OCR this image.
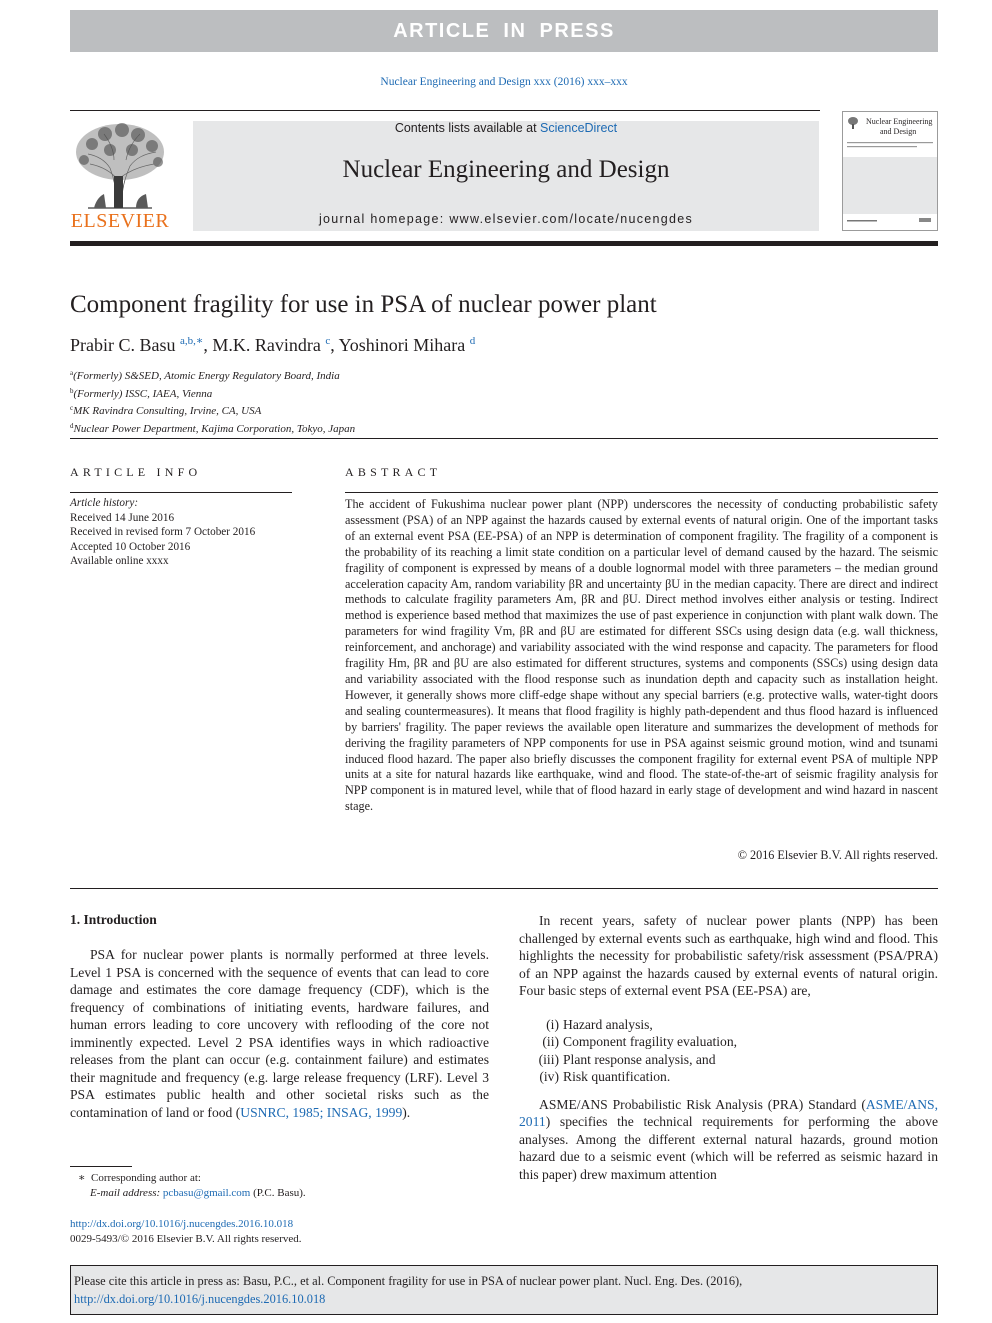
ARTICLE IN PRESS
Nuclear Engineering and Design xxx (2016) xxx–xxx
ELSEVIER
Contents lists available at ScienceDirect
Nuclear Engineering and Design
journal homepage: www.elsevier.com/locate/nucengdes
Nuclear Engineering
and Design
Component fragility for use in PSA of nuclear power plant
Prabir C. Basu $^{a,b,∗}$, M.K. Ravindra $^c$, Yoshinori Mihara $^d$
$^a$(Formerly) S&SED, Atomic Energy Regulatory Board, India
$^b$(Formerly) ISSC, IAEA, Vienna
$^c$MK Ravindra Consulting, Irvine, CA, USA
$^d$Nuclear Power Department, Kajima Corporation, Tokyo, Japan
ARTICLE INFO
Article history:
Received 14 June 2016
Received in revised form 7 October 2016
Accepted 10 October 2016
Available online xxxx
ABSTRACT
The accident of Fukushima nuclear power plant (NPP) underscores the necessity of conducting probabilistic safety assessment (PSA) of an NPP against the hazards caused by external events of natural origin. One of the important tasks of an external event PSA (EE-PSA) of an NPP is determination of component fragility. The fragility of a component is the probability of its reaching a limit state condition on a particular level of demand caused by the hazard. The seismic fragility of component is expressed by means of a double lognormal model with three parameters – the median ground acceleration capacity Am, random variability βR and uncertainty βU in the median capacity. There are direct and indirect methods to calculate fragility parameters Am, βR and βU. Direct method involves either analysis or testing. Indirect method is experience based method that maximizes the use of past experience in conjunction with plant walk down. The parameters for wind fragility Vm, βR and βU are estimated for different SSCs using design data (e.g. wall thickness, reinforcement, and anchorage) and variability associated with the wind response and capacity. The parameters for flood fragility Hm, βR and βU are also estimated for different structures, systems and components (SSCs) using design data and variability associated with the flood response such as inundation depth and capacity such as installation height. However, it generally shows more cliff-edge shape without any special barriers (e.g. protective walls, water-tight doors and sealing countermeasures). It means that flood fragility is highly path-dependent and thus flood hazard is influenced by barriers' fragility. The paper reviews the available open literature and summarizes the development of methods for deriving the fragility parameters of NPP components for use in PSA against seismic ground motion, wind and tsunami induced flood hazard. The paper also briefly discusses the component fragility for external event PSA of multiple NPP units at a site for natural hazards like earthquake, wind and flood. The state-of-the-art of seismic fragility analysis for NPP component is in matured level, while that of flood hazard in early stage of development and wind hazard in nascent stage.
© 2016 Elsevier B.V. All rights reserved.
1. Introduction

PSA for nuclear power plants is normally performed at three levels. Level 1 PSA is concerned with the sequence of events that can lead to core damage and estimates the core damage frequency (CDF), which is the frequency of combinations of initiating events, hardware failures, and human errors leading to core uncovery with reflooding of the core not imminently expected. Level 2 PSA identifies ways in which radioactive releases from the plant can occur (e.g. containment failure) and estimates their magnitude and frequency (e.g. large release frequency (LRF). Level 3 PSA estimates public health and other societal risks such as the contamination of land or food (USNRC, 1985; INSAG, 1999).

In recent years, safety of nuclear power plants (NPP) has been challenged by external events such as earthquake, high wind and flood. This highlights the necessity for probabilistic safety/risk assessment (PSA/PRA) of an NPP against the hazards caused by external events of natural origin. Four basic steps of external event PSA (EE-PSA) are,

(i) Hazard analysis,
(ii) Component fragility evaluation,
(iii) Plant response analysis, and
(iv) Risk quantification.

ASME/ANS Probabilistic Risk Analysis (PRA) Standard (ASME/ANS, 2011) specifies the technical requirements for performing the above analyses. Among the different external natural hazards, ground motion hazard due to a seismic event (which will be referred as seismic hazard in this paper) drew maximum attention

∗ Corresponding author at:
E-mail address: pcbasu@gmail.com (P.C. Basu).
http://dx.doi.org/10.1016/j.nucengdes.2016.10.018
0029-5493/© 2016 Elsevier B.V. All rights reserved.
Please cite this article in press as: Basu, P.C., et al. Component fragility for use in PSA of nuclear power plant. Nucl. Eng. Des. (2016), http://dx.doi.org/10.1016/j.nucengdes.2016.10.018
